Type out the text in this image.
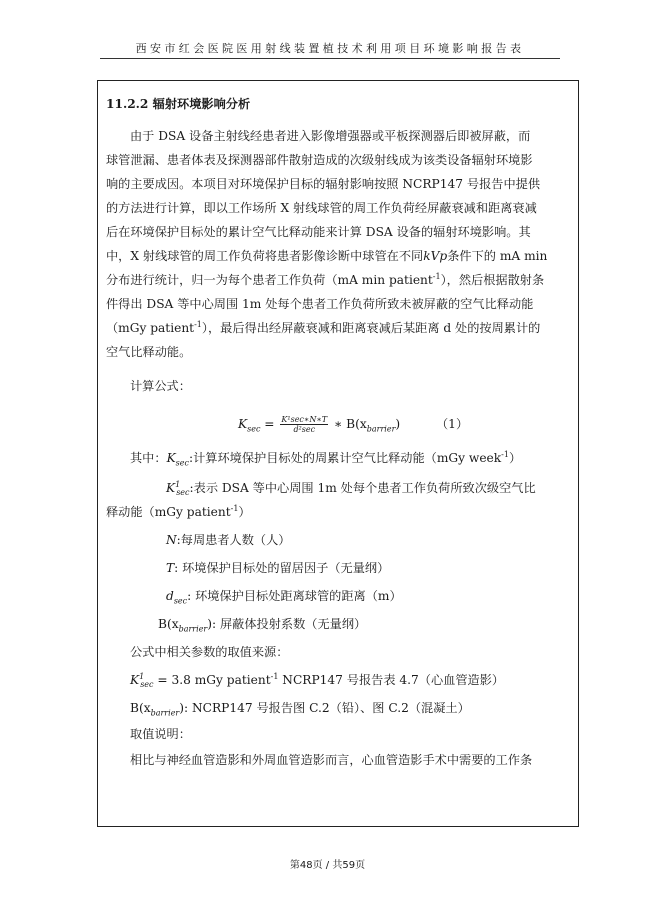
西安市红会医院医用射线装置植技术利用项目环境影响报告表
11.2.2 辐射环境影响分析
由于 DSA 设备主射线经患者进入影像增强器或平板探测器后即被屏蔽，而
球管泄漏、患者体表及探测器部件散射造成的次级射线成为该类设备辐射环境影
响的主要成因。本项目对环境保护目标的辐射影响按照 NCRP147 号报告中提供
的方法进行计算，即以工作场所 X 射线球管的周工作负荷经屏蔽衰减和距离衰减
后在环境保护目标处的累计空气比释动能来计算 DSA 设备的辐射环境影响。其
中，X 射线球管的周工作负荷将患者影像诊断中球管在不同kVp条件下的 mA min
分布进行统计，归一为每个患者工作负荷（mA min patient$^{-1}$），然后根据散射条
件得出 DSA 等中心周围 1m 处每个患者工作负荷所致未被屏蔽的空气比释动能
（mGy patient$^{-1}$），最后得出经屏蔽衰减和距离衰减后某距离 d 处的按周累计的
空气比释动能。
计算公式：
$K_{sec} = \frac{\text{K¹sec∗N∗T}}{\text{d²sec}}$ ∗ $B(x_{barrier})$	（1）
其中：$K_{sec}$:计算环境保护目标处的周累计空气比释动能（mGy week$^{-1}$）
$K^1_{sec}$:表示 DSA 等中心周围 1m 处每个患者工作负荷所致次级空气比
释动能（mGy patient$^{-1}$）
N:每周患者人数（人）
T: 环境保护目标处的留居因子（无量纲）
$d_{sec}$: 环境保护目标处距离球管的距离（m）
$B(x_{barrier})$: 屏蔽体投射系数（无量纲）
公式中相关参数的取值来源：
$K^1_{sec} = 3.8$ mGy patient$^{-1}$ NCRP147 号报告表 4.7（心血管造影）
$B(x_{barrier})$: NCRP147 号报告图 C.2（铅）、图 C.2（混凝土）
取值说明：
相比与神经血管造影和外周血管造影而言，心血管造影手术中需要的工作条
第48页 / 共59页
